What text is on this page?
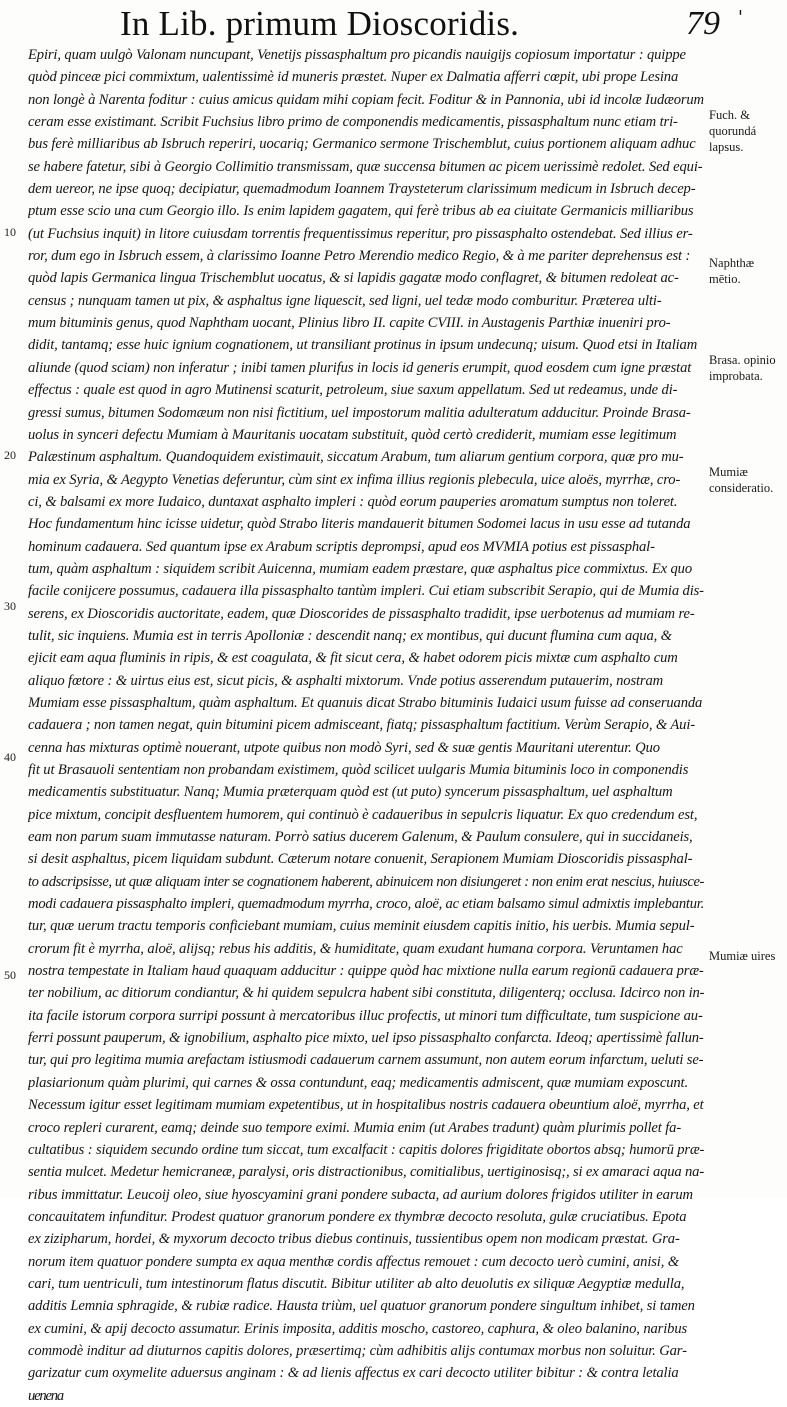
In Lib. primum Dioscoridis.	79	'
10
20
30
40
50
Fuch. & quorundá lapsus.
Naphthæ mētio.
Brasa. opinio improbata.
Mumiæ consideratio.
Mumiæ uires
Epiri, quam uulgò Valonam nuncupant, Venetijs pissasphaltum pro picandis nauigijs copiosum importatur : quippe
quòd pinceæ pici commixtum, ualentissimè id muneris præstet. Nuper ex Dalmatia afferri cœpit, ubi prope Lesina
non longè à Narenta foditur : cuius amicus quidam mihi copiam fecit. Foditur & in Pannonia, ubi id incolæ Iudæorum
ceram esse existimant. Scribit Fuchsius libro primo de componendis medicamentis, pissasphaltum nunc etiam tri-
bus ferè milliaribus ab Isbruch reperiri, uocariq; Germanico sermone Trischemblut, cuius portionem aliquam adhuc
se habere fatetur, sibi à Georgio Collimitio transmissam, quæ succensa bitumen ac picem uerissimè redolet. Sed equi-
dem uereor, ne ipse quoq; decipiatur, quemadmodum Ioannem Traysteterum clarissimum medicum in Isbruch decep-
ptum esse scio una cum Georgio illo. Is enim lapidem gagatem, qui ferè tribus ab ea ciuitate Germanicis milliaribus
(ut Fuchsius inquit) in litore cuiusdam torrentis frequentissimus reperitur, pro pissasphalto ostendebat. Sed illius er-
ror, dum ego in Isbruch essem, à clarissimo Ioanne Petro Merendio medico Regio, & à me pariter deprehensus est :
quòd lapis Germanica lingua Trischemblut uocatus, & si lapidis gagatæ modo conflagret, & bitumen redoleat ac-
census ; nunquam tamen ut pix, & asphaltus igne liquescit, sed ligni, uel tedæ modo comburitur. Præterea ulti-
mum bituminis genus, quod Naphtham uocant, Plinius libro II. capite CVIII. in Austagenis Parthiæ inueniri pro-
didit, tantamq; esse huic ignium cognationem, ut transiliant protinus in ipsum undecunq; uisum. Quod etsi in Italiam
aliunde (quod sciam) non inferatur ; inibi tamen plurifus in locis id generis erumpit, quod eosdem cum igne præstat
effectus : quale est quod in agro Mutinensi scaturit, petroleum, siue saxum appellatum. Sed ut redeamus, unde di-
gressi sumus, bitumen Sodomæum non nisi fictitium, uel impostorum malitia adulteratum adducitur. Proinde Brasa-
uolus in synceri defectu Mumiam à Mauritanis uocatam substituit, quòd certò crediderit, mumiam esse legitimum
Palæstinum asphaltum. Quandoquidem existimauit, siccatum Arabum, tum aliarum gentium corpora, quæ pro mu-
mia ex Syria, & Aegypto Venetias deferuntur, cùm sint ex infima illius regionis plebecula, uice aloës, myrrhæ, cro-
ci, & balsami ex more Iudaico, duntaxat asphalto impleri : quòd eorum pauperies aromatum sumptus non toleret.
Hoc fundamentum hinc icisse uidetur, quòd Strabo literis mandauerit bitumen Sodomei lacus in usu esse ad tutanda
hominum cadauera. Sed quantum ipse ex Arabum scriptis deprompsi, apud eos MVMIA potius est pissasphal-
tum, quàm asphaltum : siquidem scribit Auicenna, mumiam eadem præstare, quæ asphaltus pice commixtus. Ex quo
facile conijcere possumus, cadauera illa pissasphalto tantùm impleri. Cui etiam subscribit Serapio, qui de Mumia dis-
serens, ex Dioscoridis auctoritate, eadem, quæ Dioscorides de pissasphalto tradidit, ipse uerbotenus ad mumiam re-
tulit, sic inquiens. Mumia est in terris Apolloniæ : descendit nanq; ex montibus, qui ducunt flumina cum aqua, &
ejicit eam aqua fluminis in ripis, & est coagulata, & fit sicut cera, & habet odorem picis mixtæ cum asphalto cum
aliquo fœtore : & uirtus eius est, sicut picis, & asphalti mixtorum. Vnde potius asserendum putauerim, nostram
Mumiam esse pissasphaltum, quàm asphaltum. Et quanuis dicat Strabo bituminis Iudaici usum fuisse ad conseruanda
cadauera ; non tamen negat, quin bitumini picem admisceant, fiatq; pissasphaltum factitium. Verùm Serapio, & Aui-
cenna has mixturas optimè nouerant, utpote quibus non modò Syri, sed & suæ gentis Mauritani uterentur. Quo
fit ut Brasauoli sententiam non probandam existimem, quòd scilicet uulgaris Mumia bituminis loco in componendis
medicamentis substituatur. Nanq; Mumia præterquam quòd est (ut puto) syncerum pissasphaltum, uel asphaltum
pice mixtum, concipit desfluentem humorem, qui continuò è cadaueribus in sepulcris liquatur. Ex quo credendum est,
eam non parum suam immutasse naturam. Porrò satius ducerem Galenum, & Paulum consulere, qui in succidaneis,
si desit asphaltus, picem liquidam subdunt. Cæterum notare conuenit, Serapionem Mumiam Dioscoridis pissasphal-
to adscripsisse, ut quæ aliquam inter se cognationem haberent, abinuicem non disiungeret : non enim erat nescius, huiusce-
modi cadauera pissasphalto impleri, quemadmodum myrrha, croco, aloë, ac etiam balsamo simul admixtis implebantur.
tur, quæ uerum tractu temporis conficiebant mumiam, cuius meminit eiusdem capitis initio, his uerbis. Mumia sepul-
crorum fit è myrrha, aloë, alijsq; rebus his additis, & humiditate, quam exudant humana corpora. Veruntamen hac
nostra tempestate in Italiam haud quaquam adducitur : quippe quòd hac mixtione nulla earum regionū cadauera præ-
ter nobilium, ac ditiorum condiantur, & hi quidem sepulcra habent sibi constituta, diligenterq; occlusa. Idcirco non in-
ita facile istorum corpora surripi possunt à mercatoribus illuc profectis, ut minori tum difficultate, tum suspicione au-
ferri possunt pauperum, & ignobilium, asphalto pice mixto, uel ipso pissasphalto confarcta. Ideoq; apertissimè fallun-
tur, qui pro legitima mumia arefactam istiusmodi cadauerum carnem assumunt, non autem eorum infarctum, ueluti se-
plasiarionum quàm plurimi, qui carnes & ossa contundunt, eaq; medicamentis admiscent, quæ mumiam exposcunt.
Necessum igitur esset legitimam mumiam expetentibus, ut in hospitalibus nostris cadauera obeuntium aloë, myrrha, et
croco repleri curarent, eamq; deinde suo tempore eximi. Mumia enim (ut Arabes tradunt) quàm plurimis pollet fa-
cultatibus : siquidem secundo ordine tum siccat, tum excalfacit : capitis dolores frigiditate obortos absq; humorū præ-
sentia mulcet. Medetur hemicraneæ, paralysi, oris distractionibus, comitialibus, uertiginosisq;, si ex amaraci aqua na-
ribus immittatur. Leucoij oleo, siue hyoscyamini grani pondere subacta, ad aurium dolores frigidos utiliter in earum
concauitatem infunditur. Prodest quatuor granorum pondere ex thymbræ decocto resoluta, gulæ cruciatibus. Epota
ex zizipharum, hordei, & myxorum decocto tribus diebus continuis, tussientibus opem non modicam præstat. Gra-
norum item quatuor pondere sumpta ex aqua menthæ cordis affectus remouet : cum decocto uerò cumini, anisi, &
cari, tum uentriculi, tum intestinorum flatus discutit. Bibitur utiliter ab alto deuolutis ex siliquæ Aegyptiæ medulla,
additis Lemnia sphragide, & rubiæ radice. Hausta triùm, uel quatuor granorum pondere singultum inhibet, si tamen
ex cumini, & apij decocto assumatur. Erinis imposita, additis moscho, castoreo, caphura, & oleo balanino, naribus
commodè inditur ad diuturnos capitis dolores, præsertimq; cùm adhibitis alijs contumax morbus non soluitur. Gar-
garizatur cum oxymelite aduersus anginam : & ad lienis affectus ex cari decocto utiliter bibitur : & contra letalia
uenena
